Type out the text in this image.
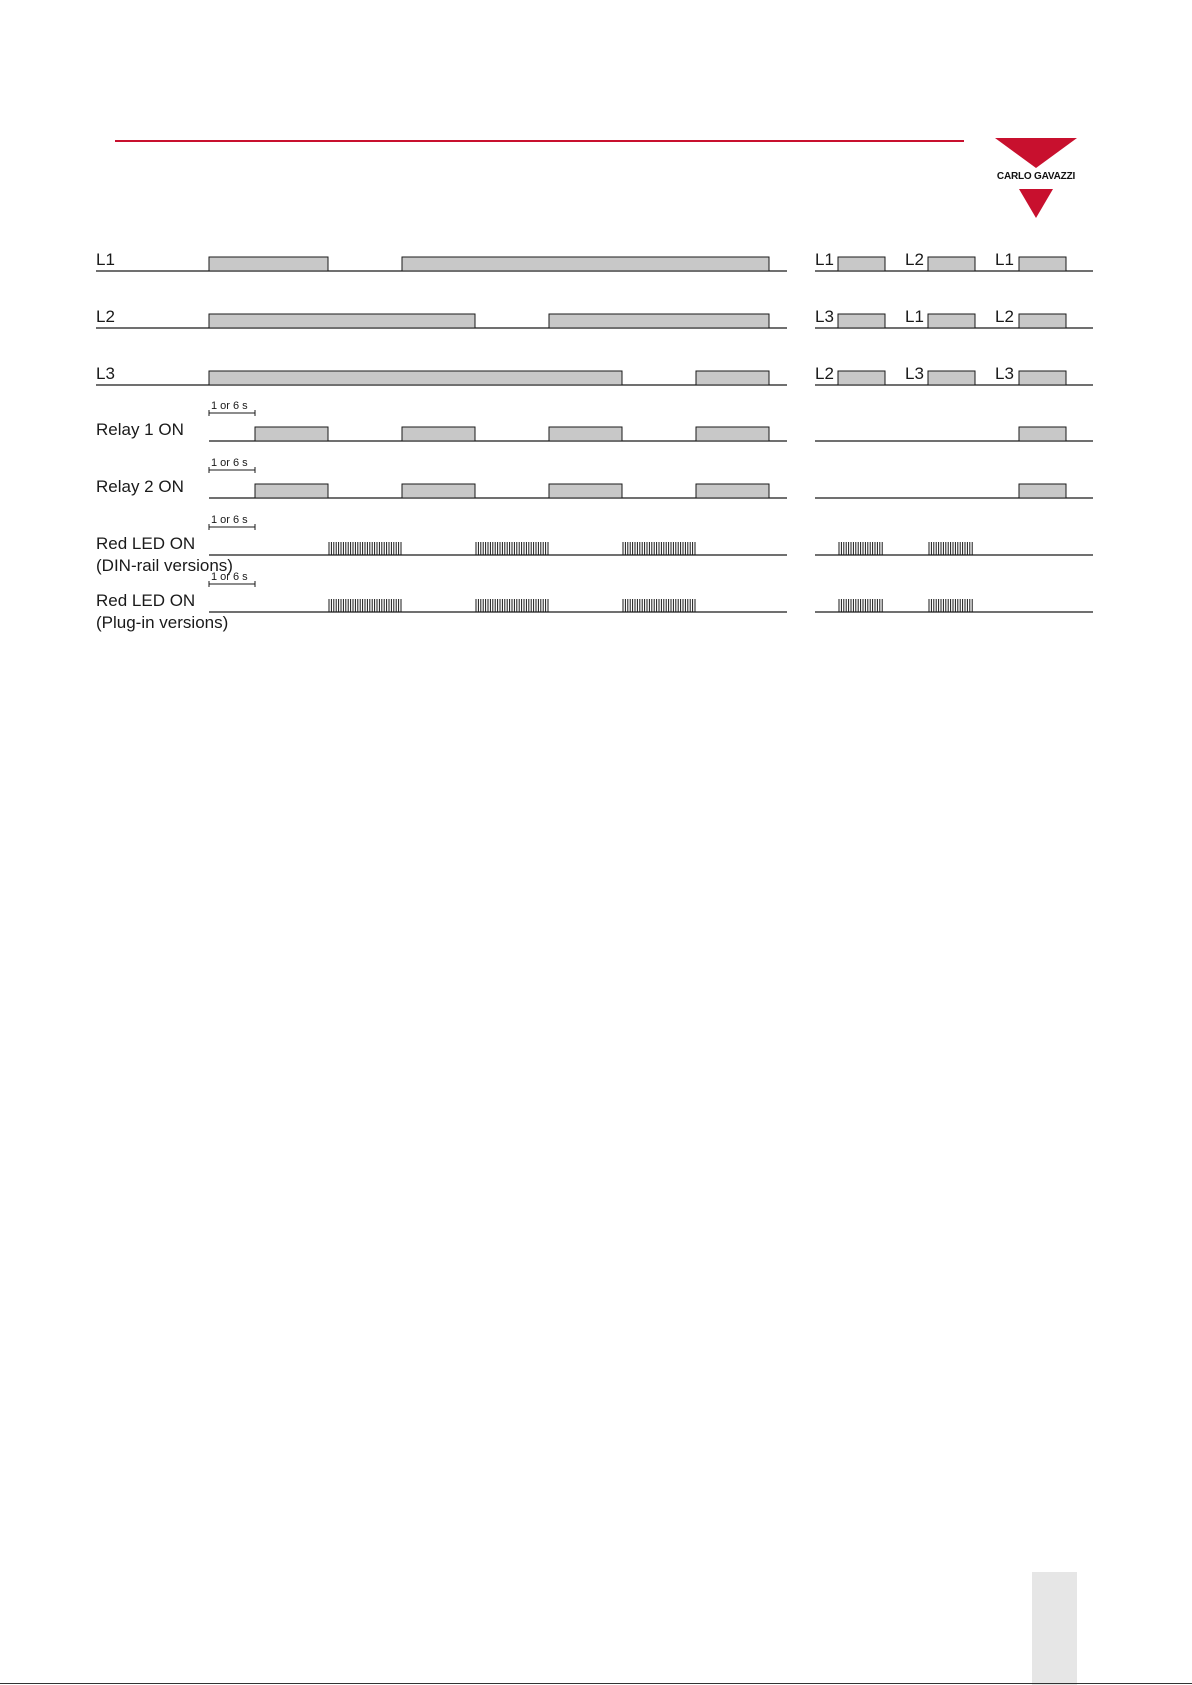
CARLO GAVAZZI
L1
L2
L3
Relay 1 ON
1 or 6 s
Relay 2 ON
1 or 6 s
Red LED ON
(DIN-rail versions)
1 or 6 s
Red LED ON
(Plug-in versions)
1 or 6 s
L1	L2	L1
L3	L1	L2
L2	L3	L3
